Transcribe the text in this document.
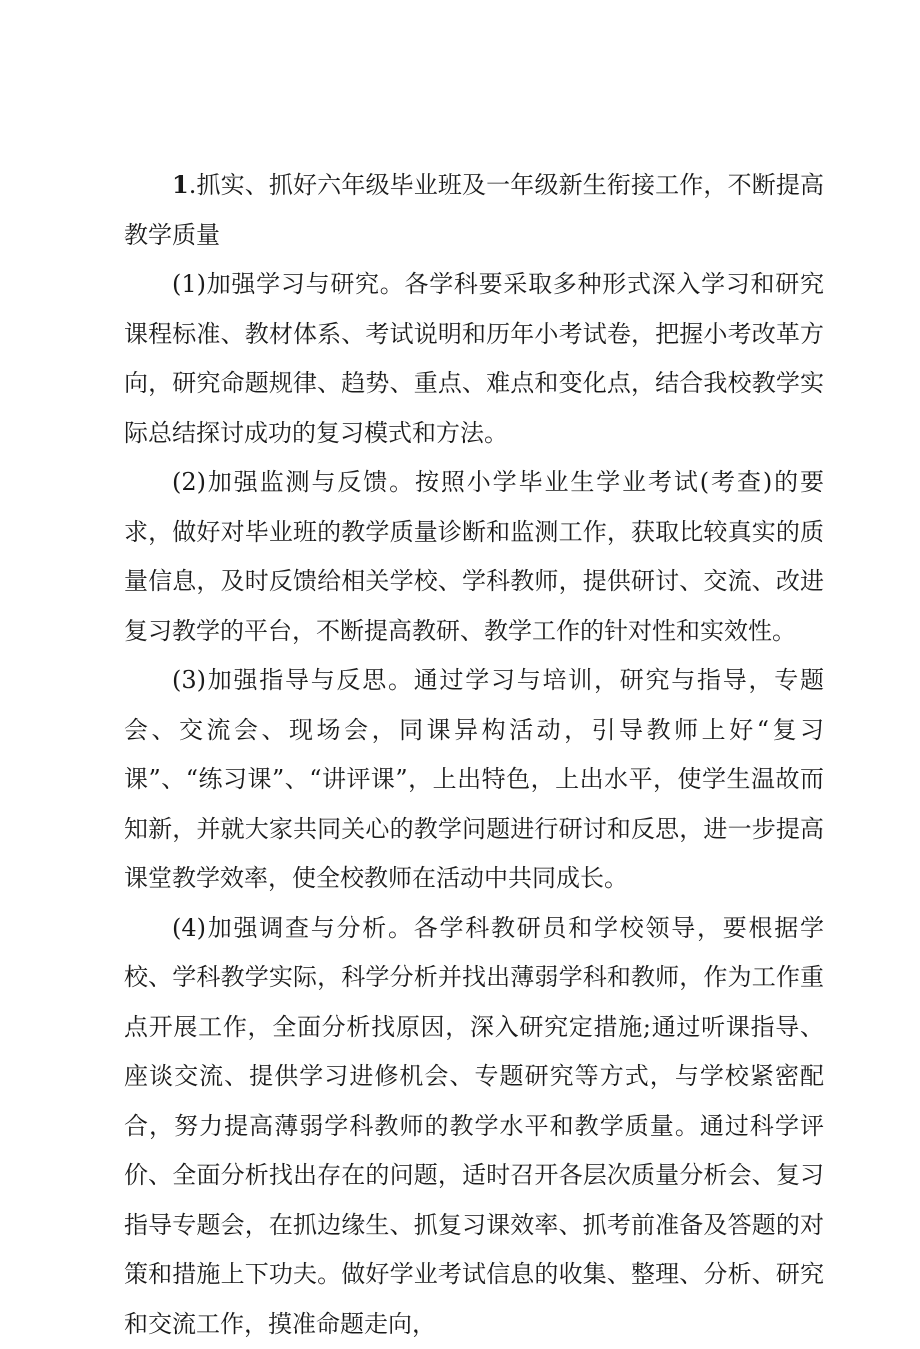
1.抓实、抓好六年级毕业班及一年级新生衔接工作，不断提高教学质量

(1)加强学习与研究。各学科要采取多种形式深入学习和研究课程标准、教材体系、考试说明和历年小考试卷，把握小考改革方向，研究命题规律、趋势、重点、难点和变化点，结合我校教学实际总结探讨成功的复习模式和方法。

(2)加强监测与反馈。按照小学毕业生学业考试(考查)的要求，做好对毕业班的教学质量诊断和监测工作，获取比较真实的质量信息，及时反馈给相关学校、学科教师，提供研讨、交流、改进复习教学的平台，不断提高教研、教学工作的针对性和实效性。

(3)加强指导与反思。通过学习与培训，研究与指导，专题会、交流会、现场会，同课异构活动，引导教师上好“复习课”、“练习课”、“讲评课”，上出特色，上出水平，使学生温故而知新，并就大家共同关心的教学问题进行研讨和反思，进一步提高课堂教学效率，使全校教师在活动中共同成长。

(4)加强调查与分析。各学科教研员和学校领导，要根据学校、学科教学实际，科学分析并找出薄弱学科和教师，作为工作重点开展工作，全面分析找原因，深入研究定措施;通过听课指导、座谈交流、提供学习进修机会、专题研究等方式，与学校紧密配合，努力提高薄弱学科教师的教学水平和教学质量。通过科学评价、全面分析找出存在的问题，适时召开各层次质量分析会、复习指导专题会，在抓边缘生、抓复习课效率、抓考前准备及答题的对策和措施上下功夫。做好学业考试信息的收集、整理、分析、研究和交流工作，摸准命题走向，
